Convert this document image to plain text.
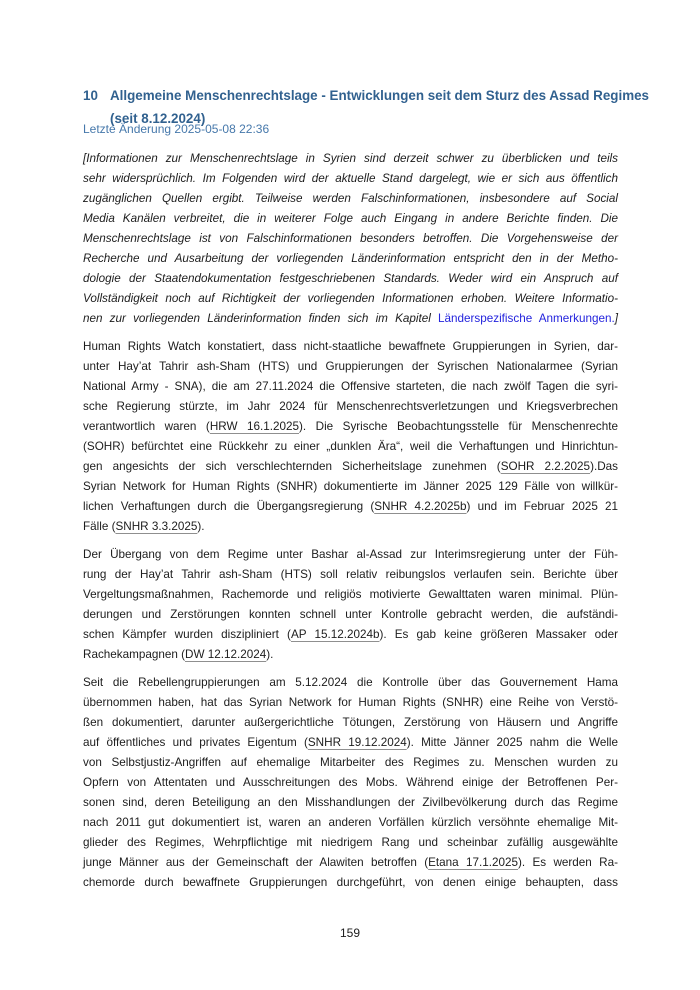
10 Allgemeine Menschenrechtslage - Entwicklungen seit dem Sturz des Assad Regimes
(seit 8.12.2024)
Letzte Änderung 2025-05-08 22:36
[Informationen zur Menschenrechtslage in Syrien sind derzeit schwer zu überblicken und teils
sehr widersprüchlich. Im Folgenden wird der aktuelle Stand dargelegt, wie er sich aus öffentlich
zugänglichen Quellen ergibt. Teilweise werden Falschinformationen, insbesondere auf Social
Media Kanälen verbreitet, die in weiterer Folge auch Eingang in andere Berichte finden. Die
Menschenrechtslage ist von Falschinformationen besonders betroffen. Die Vorgehensweise der
Recherche und Ausarbeitung der vorliegenden Länderinformation entspricht den in der Metho-
dologie der Staatendokumentation festgeschriebenen Standards. Weder wird ein Anspruch auf
Vollständigkeit noch auf Richtigkeit der vorliegenden Informationen erhoben. Weitere Informatio-
nen zur vorliegenden Länderinformation finden sich im Kapitel Länderspezifische Anmerkungen.]
Human Rights Watch konstatiert, dass nicht-staatliche bewaffnete Gruppierungen in Syrien, dar-
unter Hay’at Tahrir ash-Sham (HTS) und Gruppierungen der Syrischen Nationalarmee (Syrian
National Army - SNA), die am 27.11.2024 die Offensive starteten, die nach zwölf Tagen die syri-
sche Regierung stürzte, im Jahr 2024 für Menschenrechtsverletzungen und Kriegsverbrechen
verantwortlich waren (HRW 16.1.2025). Die Syrische Beobachtungsstelle für Menschenrechte
(SOHR) befürchtet eine Rückkehr zu einer „dunklen Ära“, weil die Verhaftungen und Hinrichtun-
gen angesichts der sich verschlechternden Sicherheitslage zunehmen (SOHR 2.2.2025).Das
Syrian Network for Human Rights (SNHR) dokumentierte im Jänner 2025 129 Fälle von willkür-
lichen Verhaftungen durch die Übergangsregierung (SNHR 4.2.2025b) und im Februar 2025 21
Fälle (SNHR 3.3.2025).
Der Übergang von dem Regime unter Bashar al-Assad zur Interimsregierung unter der Füh-
rung der Hay’at Tahrir ash-Sham (HTS) soll relativ reibungslos verlaufen sein. Berichte über
Vergeltungsmaßnahmen, Rachemorde und religiös motivierte Gewalttaten waren minimal. Plün-
derungen und Zerstörungen konnten schnell unter Kontrolle gebracht werden, die aufständi-
schen Kämpfer wurden diszipliniert (AP 15.12.2024b). Es gab keine größeren Massaker oder
Rachekampagnen (DW 12.12.2024).
Seit die Rebellengruppierungen am 5.12.2024 die Kontrolle über das Gouvernement Hama
übernommen haben, hat das Syrian Network for Human Rights (SNHR) eine Reihe von Verstö-
ßen dokumentiert, darunter außergerichtliche Tötungen, Zerstörung von Häusern und Angriffe
auf öffentliches und privates Eigentum (SNHR 19.12.2024). Mitte Jänner 2025 nahm die Welle
von Selbstjustiz-Angriffen auf ehemalige Mitarbeiter des Regimes zu. Menschen wurden zu
Opfern von Attentaten und Ausschreitungen des Mobs. Während einige der Betroffenen Per-
sonen sind, deren Beteiligung an den Misshandlungen der Zivilbevölkerung durch das Regime
nach 2011 gut dokumentiert ist, waren an anderen Vorfällen kürzlich versöhnte ehemalige Mit-
glieder des Regimes, Wehrpflichtige mit niedrigem Rang und scheinbar zufällig ausgewählte
junge Männer aus der Gemeinschaft der Alawiten betroffen (Etana 17.1.2025). Es werden Ra-
chemorde durch bewaffnete Gruppierungen durchgeführt, von denen einige behaupten, dass
159
